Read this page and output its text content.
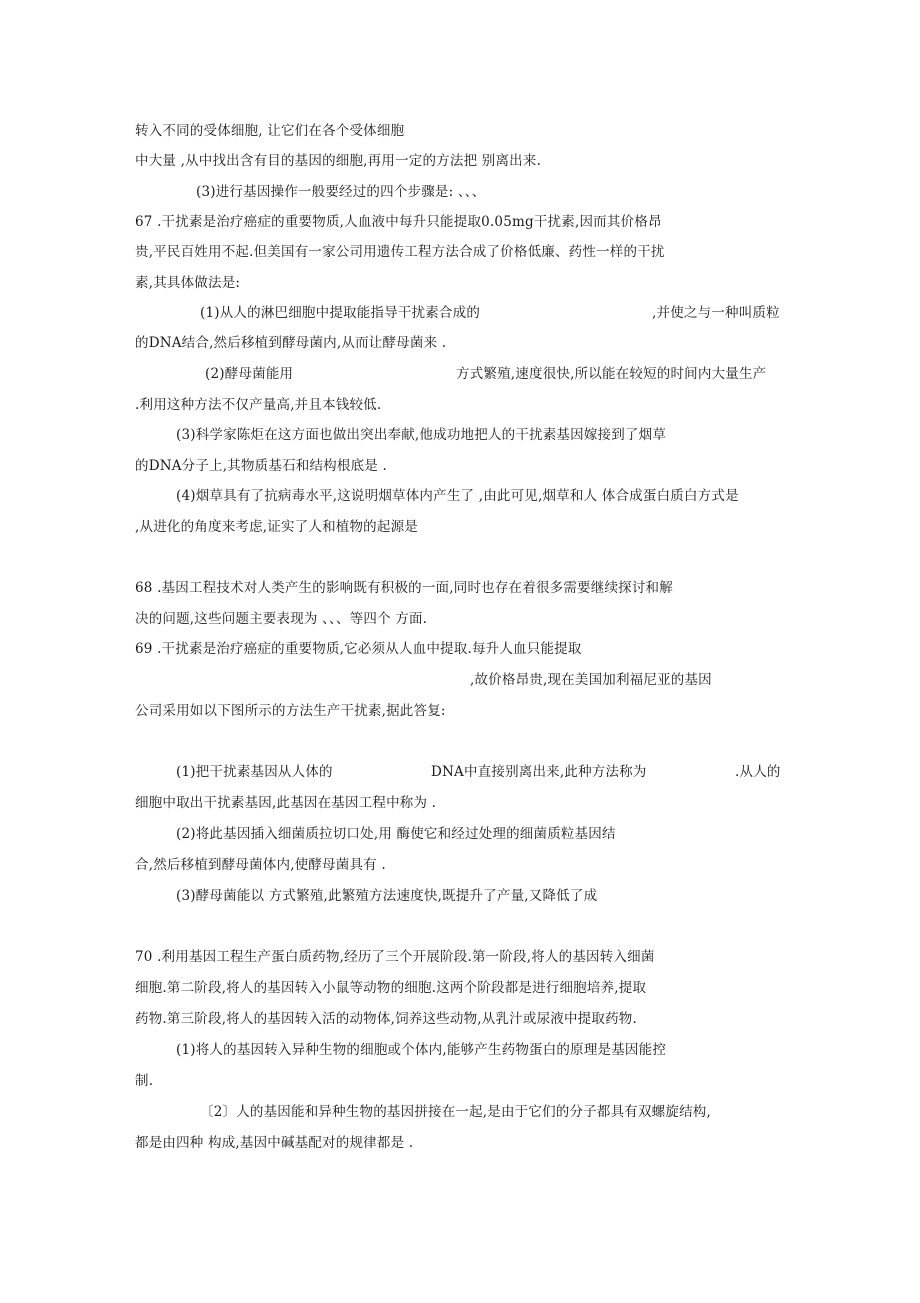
转入不同的受体细胞, 让它们在各个受体细胞
中大量 ,从中找出含有目的基因的细胞,再用一定的方法把 别离出来.
(3)进行基因操作一般要经过的四个步骤是: 、、、
67 .干扰素是治疗癌症的重要物质,人血液中每升只能提取0.05mg干扰素,因而其价格昂
贵,平民百姓用不起.但美国有一家公司用遗传工程方法合成了价格低廉、药性一样的干扰
素,其具体做法是:
(1)从人的淋巴细胞中提取能指导干扰素合成的	,并使之与一种叫质粒
的DNA结合,然后移植到酵母菌内,从而让酵母菌来 .
(2)酵母菌能用	方式繁殖,速度很快,所以能在较短的时间内大量生产
.利用这种方法不仅产量高,并且本钱较低.
(3)科学家陈炬在这方面也做出突出奉献,他成功地把人的干扰素基因嫁接到了烟草
的DNA分子上,其物质基石和结构根底是 .
(4)烟草具有了抗病毒水平,这说明烟草体内产生了 ,由此可见,烟草和人 体合成蛋白质白方式是
,从进化的角度来考虑,证实了人和植物的起源是
68 .基因工程技术对人类产生的影响既有积极的一面,同时也存在着很多需要继续探讨和解
决的问题,这些问题主要表现为 、、、等四个 方面.
69 .干扰素是治疗癌症的重要物质,它必须从人血中提取.每升人血只能提取
,故价格昂贵,现在美国加利福尼亚的基因
公司采用如以下图所示的方法生产干扰素,据此答复:
(1)把干扰素基因从人体的	DNA中直接别离出来,此种方法称为	.从人的
细胞中取出干扰素基因,此基因在基因工程中称为 .
(2)将此基因插入细菌质拉切口处,用 酶使它和经过处理的细菌质粒基因结
合,然后移植到酵母菌体内,使酵母菌具有 .
(3)酵母菌能以 方式繁殖,此繁殖方法速度快,既提升了产量,又降低了成
70 .利用基因工程生产蛋白质药物,经历了三个开展阶段.第一阶段,将人的基因转入细菌
细胞.第二阶段,将人的基因转入小鼠等动物的细胞.这两个阶段都是进行细胞培养,提取
药物.第三阶段,将人的基因转入活的动物体,饲养这些动物,从乳汁或尿液中提取药物.
(1)将人的基因转入异种生物的细胞或个体内,能够产生药物蛋白的原理是基因能控
制.
〔2〕人的基因能和异种生物的基因拼接在一起,是由于它们的分子都具有双螺旋结构,
都是由四种 构成,基因中碱基配对的规律都是 .
